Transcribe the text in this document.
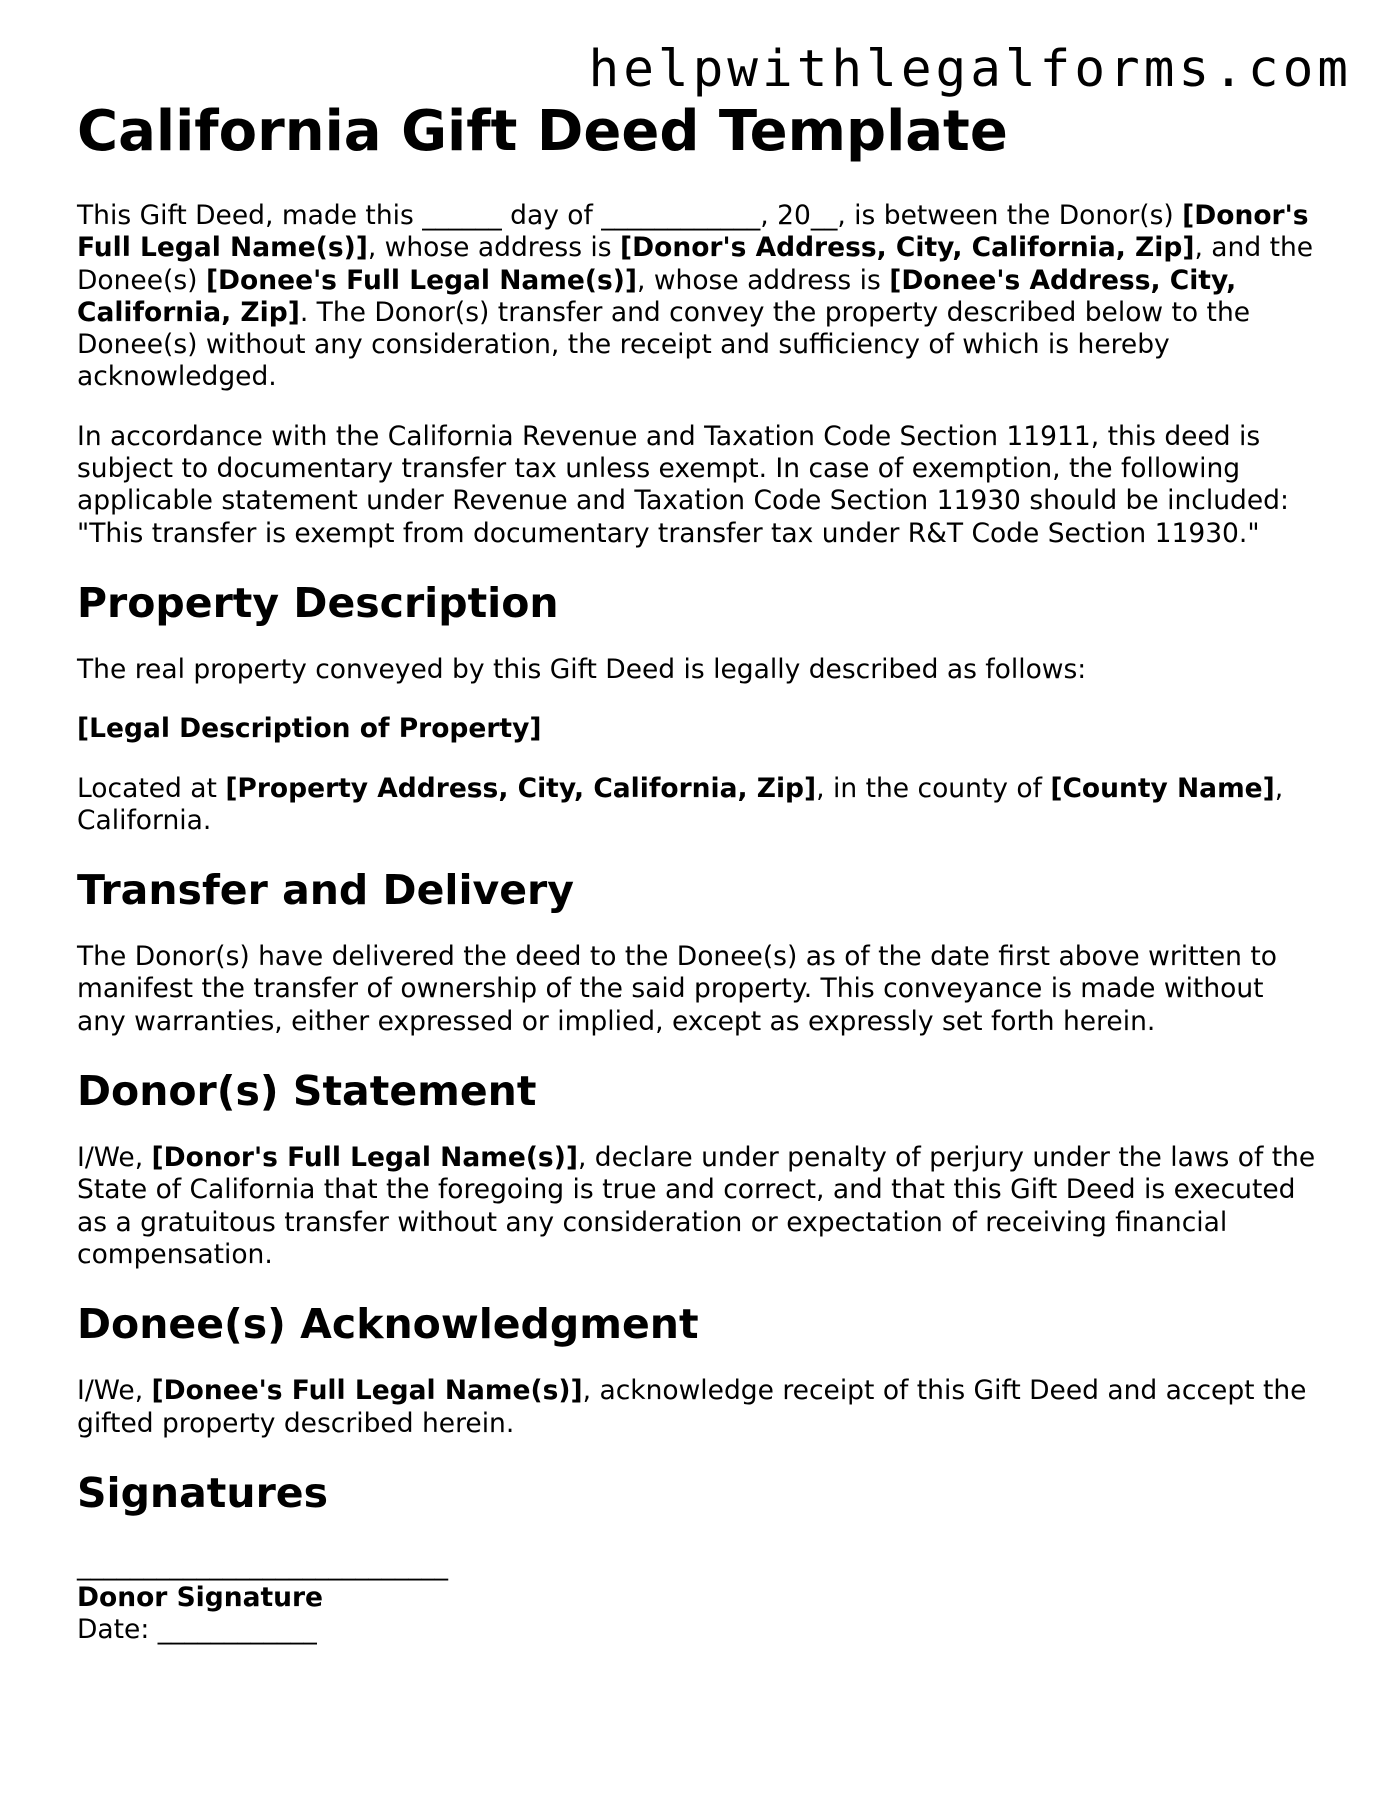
helpwithlegalforms.com
California Gift Deed Template

This Gift Deed, made this ______ day of ____________, 20__, is between the Donor(s) [Donor's Full Legal Name(s)], whose address is [Donor's Address, City, California, Zip], and the Donee(s) [Donee's Full Legal Name(s)], whose address is [Donee's Address, City, California, Zip]. The Donor(s) transfer and convey the property described below to the Donee(s) without any consideration, the receipt and sufficiency of which is hereby acknowledged.

In accordance with the California Revenue and Taxation Code Section 11911, this deed is subject to documentary transfer tax unless exempt. In case of exemption, the following applicable statement under Revenue and Taxation Code Section 11930 should be included: "This transfer is exempt from documentary transfer tax under R&T Code Section 11930."

Property Description

The real property conveyed by this Gift Deed is legally described as follows:

[Legal Description of Property]

Located at [Property Address, City, California, Zip], in the county of [County Name], California.

Transfer and Delivery

The Donor(s) have delivered the deed to the Donee(s) as of the date first above written to manifest the transfer of ownership of the said property. This conveyance is made without any warranties, either expressed or implied, except as expressly set forth herein.

Donor(s) Statement

I/We, [Donor's Full Legal Name(s)], declare under penalty of perjury under the laws of the State of California that the foregoing is true and correct, and that this Gift Deed is executed as a gratuitous transfer without any consideration or expectation of receiving financial compensation.

Donee(s) Acknowledgment

I/We, [Donee's Full Legal Name(s)], acknowledge receipt of this Gift Deed and accept the gifted property described herein.

Signatures
____________________________
Donor Signature
Date: ____________
